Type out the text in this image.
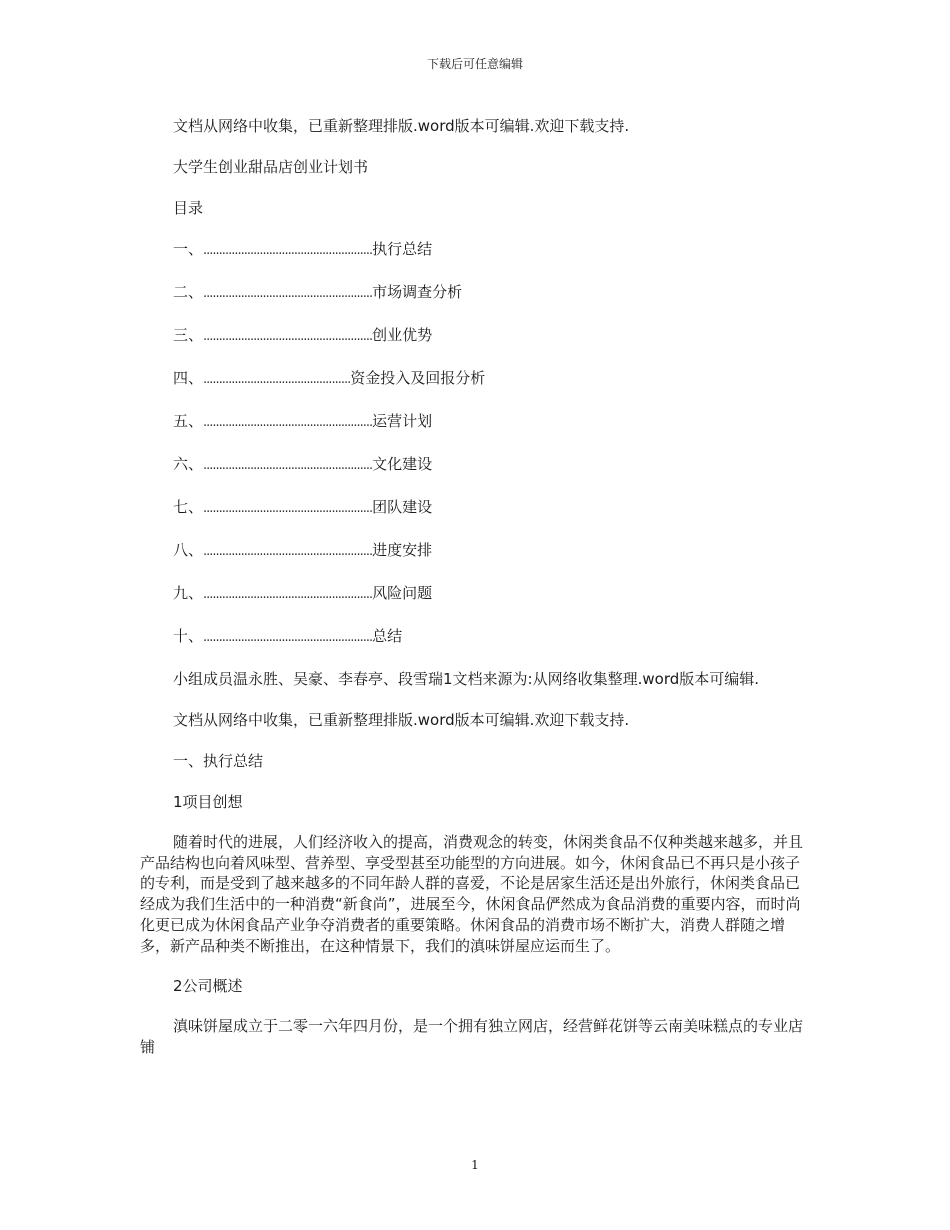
下载后可任意编辑

文档从网络中收集，已重新整理排版.word版本可编辑.欢迎下载支持.

大学生创业甜品店创业计划书

目录

一、......................................................执行总结

二、......................................................市场调查分析

三、......................................................创业优势

四、...............................................资金投入及回报分析

五、......................................................运营计划

六、......................................................文化建设

七、......................................................团队建设

八、......................................................进度安排

九、......................................................风险问题

十、......................................................总结

小组成员温永胜、吴豪、李春亭、段雪瑞1文档来源为:从网络收集整理.word版本可编辑.

文档从网络中收集，已重新整理排版.word版本可编辑.欢迎下载支持.

一、执行总结

1项目创想

随着时代的进展，人们经济收入的提高，消费观念的转变，休闲类食品不仅种类越来越多，并且产品结构也向着风味型、营养型、享受型甚至功能型的方向进展。如今，休闲食品已不再只是小孩子的专利，而是受到了越来越多的不同年龄人群的喜爱，不论是居家生活还是出外旅行，休闲类食品已经成为我们生活中的一种消费“新食尚”，进展至今，休闲食品俨然成为食品消费的重要内容，而时尚化更已成为休闲食品产业争夺消费者的重要策略。休闲食品的消费市场不断扩大，消费人群随之增多，新产品种类不断推出，在这种情景下，我们的滇味饼屋应运而生了。

2公司概述

滇味饼屋成立于二零一六年四月份，是一个拥有独立网店，经营鲜花饼等云南美味糕点的专业店铺

1
